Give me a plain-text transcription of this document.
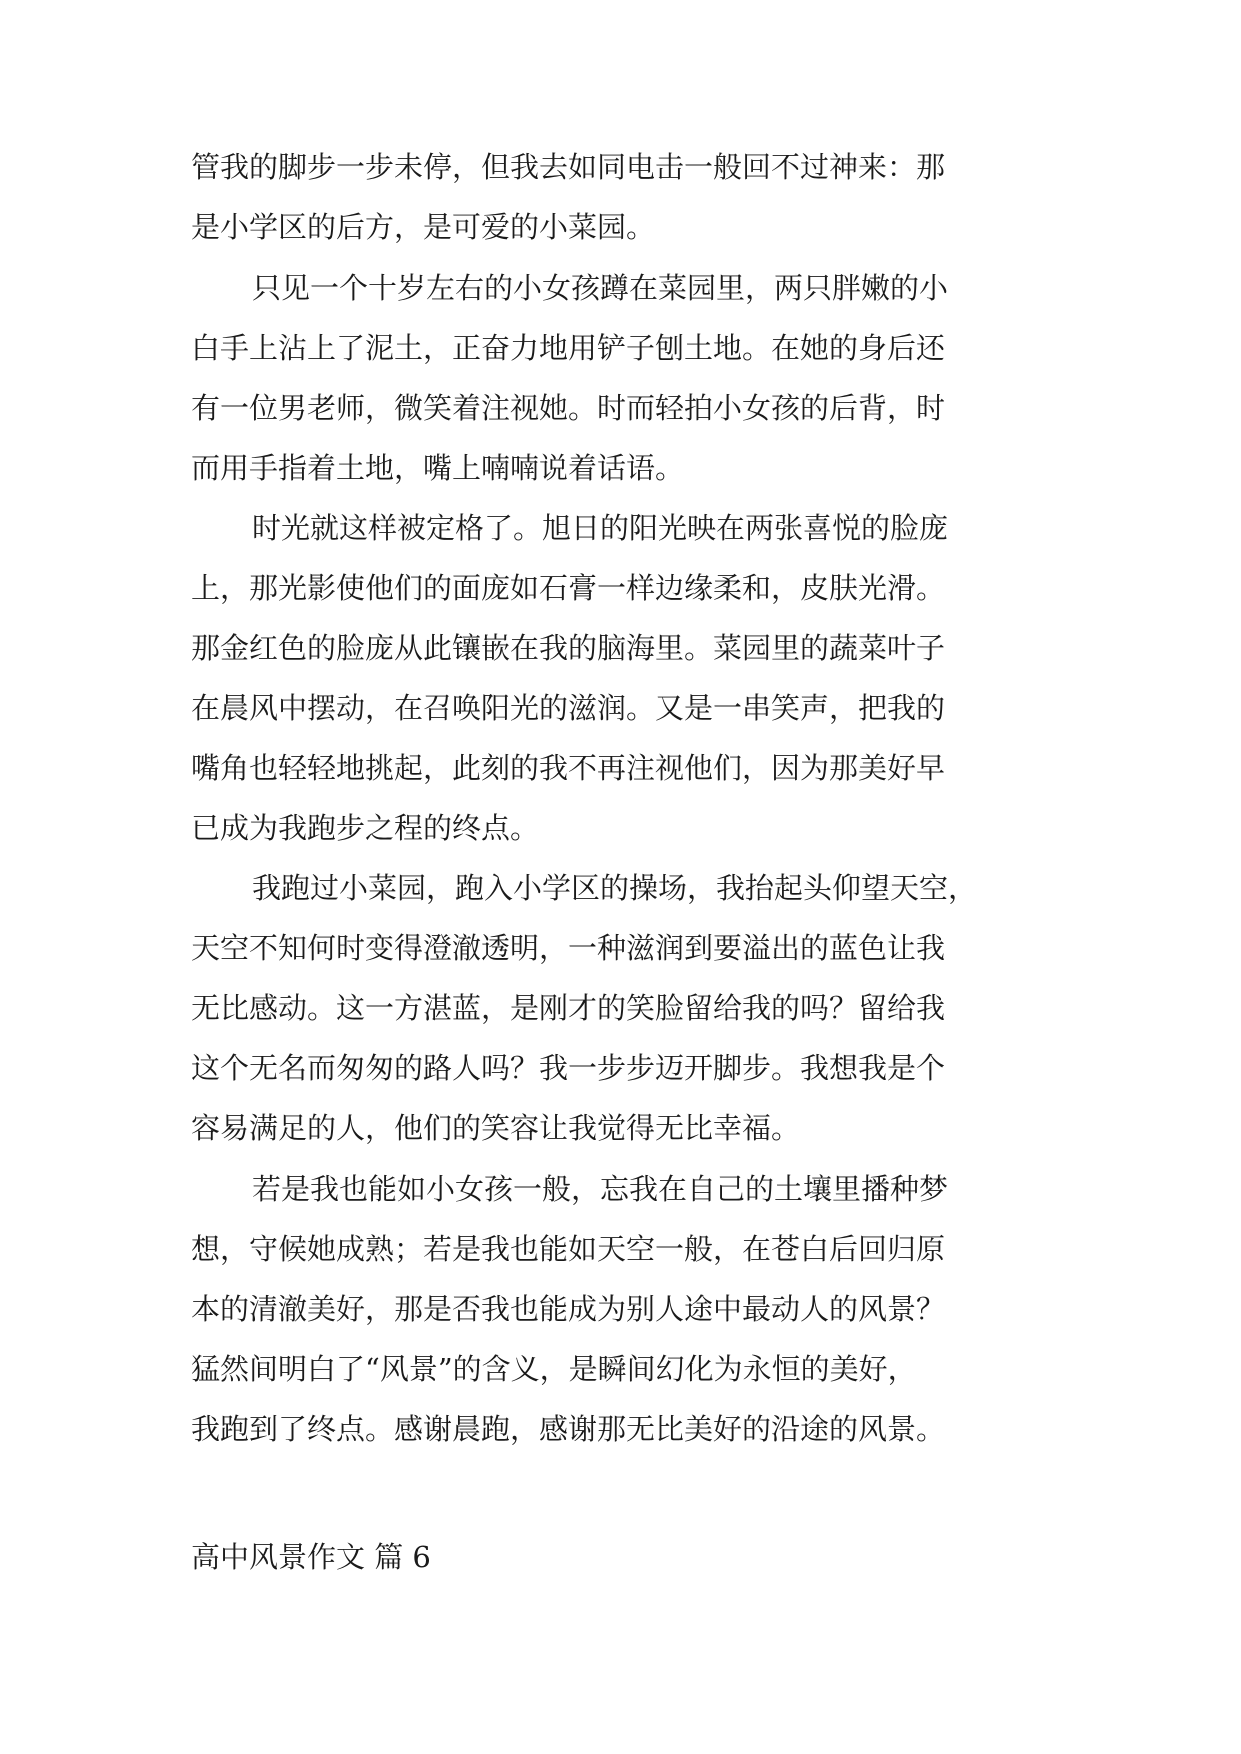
管我的脚步一步未停，但我去如同电击一般回不过神来：那
是小学区的后方，是可爱的小菜园。
只见一个十岁左右的小女孩蹲在菜园里，两只胖嫩的小
白手上沾上了泥土，正奋力地用铲子刨土地。在她的身后还
有一位男老师，微笑着注视她。时而轻拍小女孩的后背，时
而用手指着土地，嘴上喃喃说着话语。
时光就这样被定格了。旭日的阳光映在两张喜悦的脸庞
上，那光影使他们的面庞如石膏一样边缘柔和，皮肤光滑。
那金红色的脸庞从此镶嵌在我的脑海里。菜园里的蔬菜叶子
在晨风中摆动，在召唤阳光的滋润。又是一串笑声，把我的
嘴角也轻轻地挑起，此刻的我不再注视他们，因为那美好早
已成为我跑步之程的终点。
我跑过小菜园，跑入小学区的操场，我抬起头仰望天空，
天空不知何时变得澄澈透明，一种滋润到要溢出的蓝色让我
无比感动。这一方湛蓝，是刚才的笑脸留给我的吗？留给我
这个无名而匆匆的路人吗？我一步步迈开脚步。我想我是个
容易满足的人，他们的笑容让我觉得无比幸福。
若是我也能如小女孩一般，忘我在自己的土壤里播种梦
想，守候她成熟；若是我也能如天空一般，在苍白后回归原
本的清澈美好，那是否我也能成为别人途中最动人的风景？
猛然间明白了“风景”的含义，是瞬间幻化为永恒的美好，
我跑到了终点。感谢晨跑，感谢那无比美好的沿途的风景。
高中风景作文 篇 6
